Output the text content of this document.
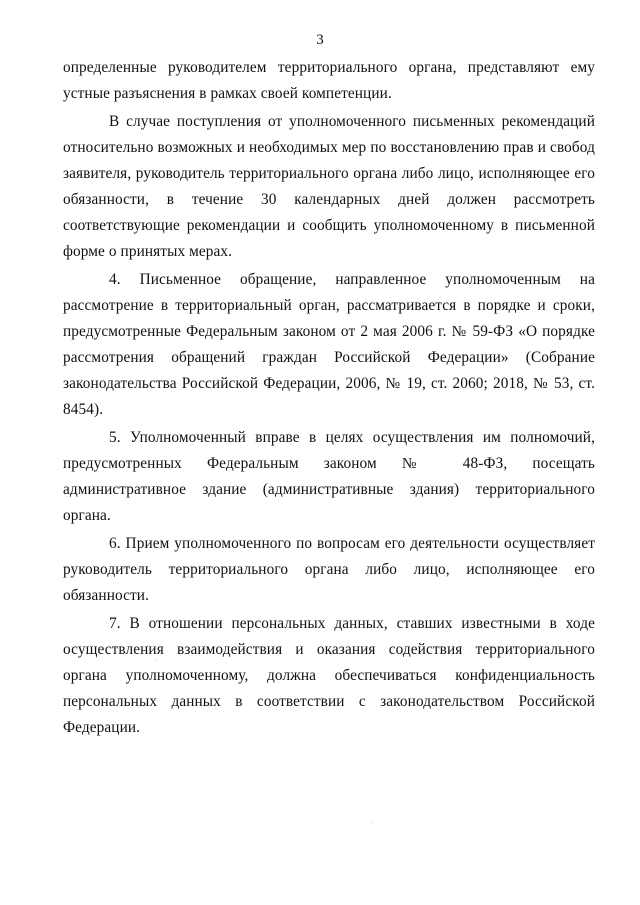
3

определенные руководителем территориального органа, представляют ему устные разъяснения в рамках своей компетенции.

В случае поступления от уполномоченного письменных рекомендаций относительно возможных и необходимых мер по восстановлению прав и свобод заявителя, руководитель территориального органа либо лицо, исполняющее его обязанности, в течение 30 календарных дней должен рассмотреть соответствующие рекомендации и сообщить уполномоченному в письменной форме о принятых мерах.

4. Письменное обращение, направленное уполномоченным на рассмотрение в территориальный орган, рассматривается в порядке и сроки, предусмотренные Федеральным законом от 2 мая 2006 г. № 59-ФЗ «О порядке рассмотрения обращений граждан Российской Федерации» (Собрание законодательства Российской Федерации, 2006, № 19, ст. 2060; 2018, № 53, ст. 8454).

5. Уполномоченный вправе в целях осуществления им полномочий, предусмотренных Федеральным законом № 48-ФЗ, посещать административное здание (административные здания) территориального органа.

6. Прием уполномоченного по вопросам его деятельности осуществляет руководитель территориального органа либо лицо, исполняющее его обязанности.

7. В отношении персональных данных, ставших известными в ходе осуществления взаимодействия и оказания содействия территориального органа уполномоченному, должна обеспечиваться конфиденциальность персональных данных в соответствии с законодательством Российской Федерации.
